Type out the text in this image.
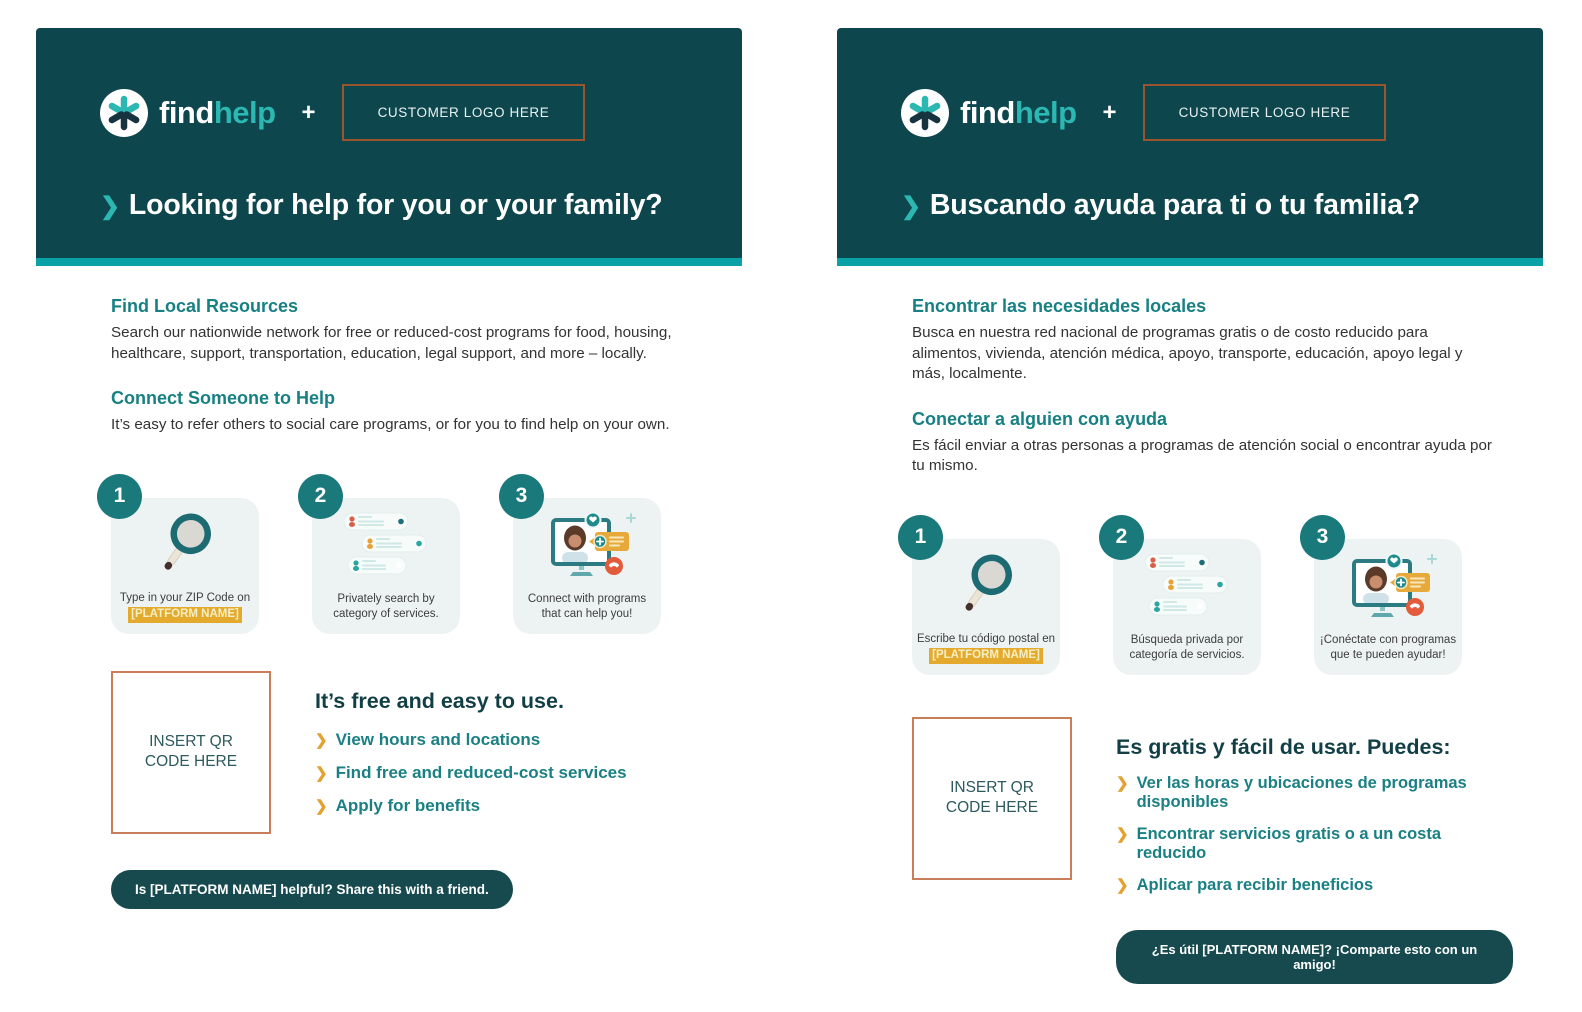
findhelp +	CUSTOMER LOGO HERE
❯ Looking for help for you or your family?
Find Local Resources

Search our nationwide network for free or reduced-cost programs for food, housing, healthcare, support, transportation, education, legal support, and more – locally.

Connect Someone to Help

It’s easy to refer others to social care programs, or for you to find help on your own.

1
Type in your ZIP Code on
[PLATFORM NAME]
2
Privately search by
category of services.
3
Connect with programs
that can help you!
INSERT QR CODE HERE
It’s free and easy to use.
❯ View hours and locations
❯ Find free and reduced-cost services
❯ Apply for benefits
Is [PLATFORM NAME] helpful? Share this with a friend.
findhelp +	CUSTOMER LOGO HERE
❯ Buscando ayuda para ti o tu familia?
Encontrar las necesidades locales

Busca en nuestra red nacional de programas gratis o de costo reducido para alimentos, vivienda, atención médica, apoyo, transporte, educación, apoyo legal y más, localmente.

Conectar a alguien con ayuda

Es fácil enviar a otras personas a programas de atención social o encontrar ayuda por tu mismo.

1
Escribe tu código postal en
[PLATFORM NAME]
2
Búsqueda privada por
categoría de servicios.
3
¡Conéctate con programas
que te pueden ayudar!
INSERT QR CODE HERE
Es gratis y fácil de usar. Puedes:
❯ Ver las horas y ubicaciones de programas disponibles
❯ Encontrar servicios gratis o a un costa reducido
❯ Aplicar para recibir beneficios
¿Es útil [PLATFORM NAME]? ¡Comparte esto con un amigo!
